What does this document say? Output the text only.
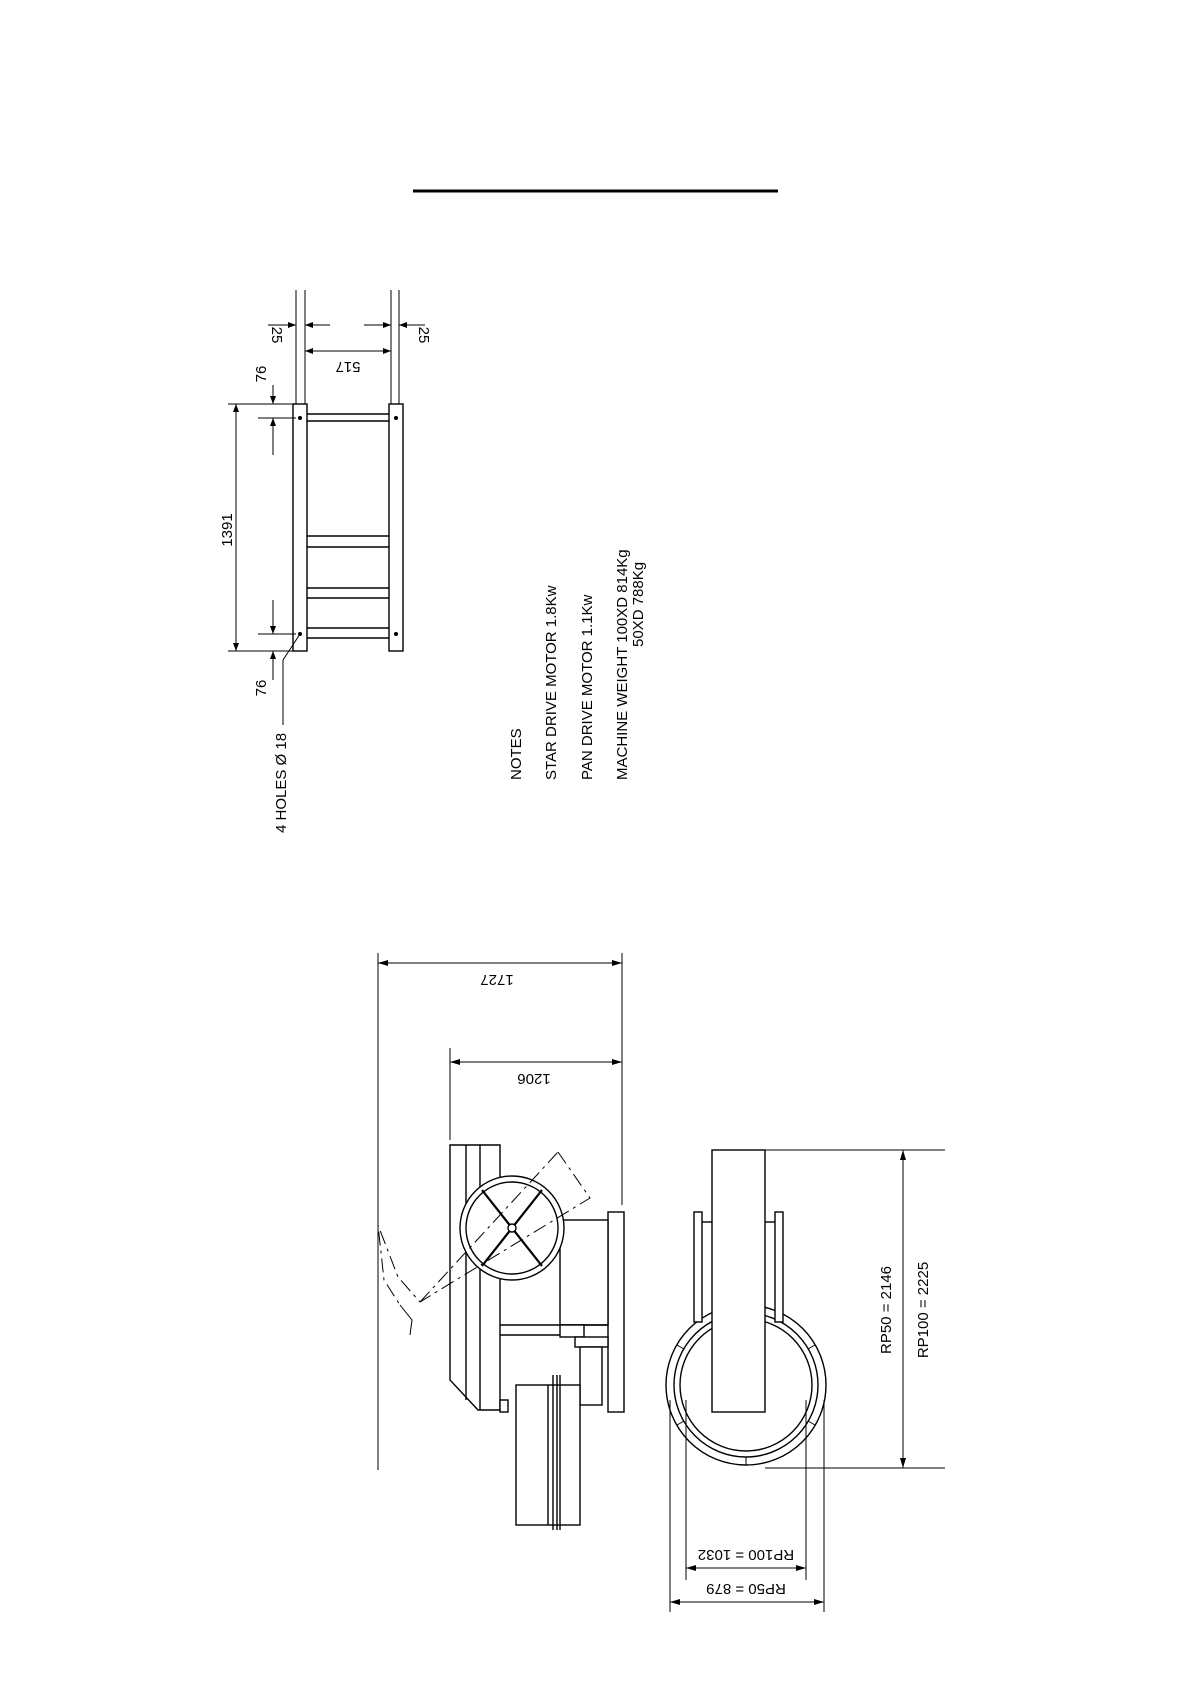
25
517
25
76
1391
76
4 HOLES Ø 18	NOTES STAR DRIVE MOTOR 1.8Kw PAN DRIVE MOTOR 1.1Kw MACHINE WEIGHT 100XD 814Kg 50XD 788Kg
1727
1206
RP50 = 2146 RP100 = 2225
RP100 = 1032
RP50 = 879
